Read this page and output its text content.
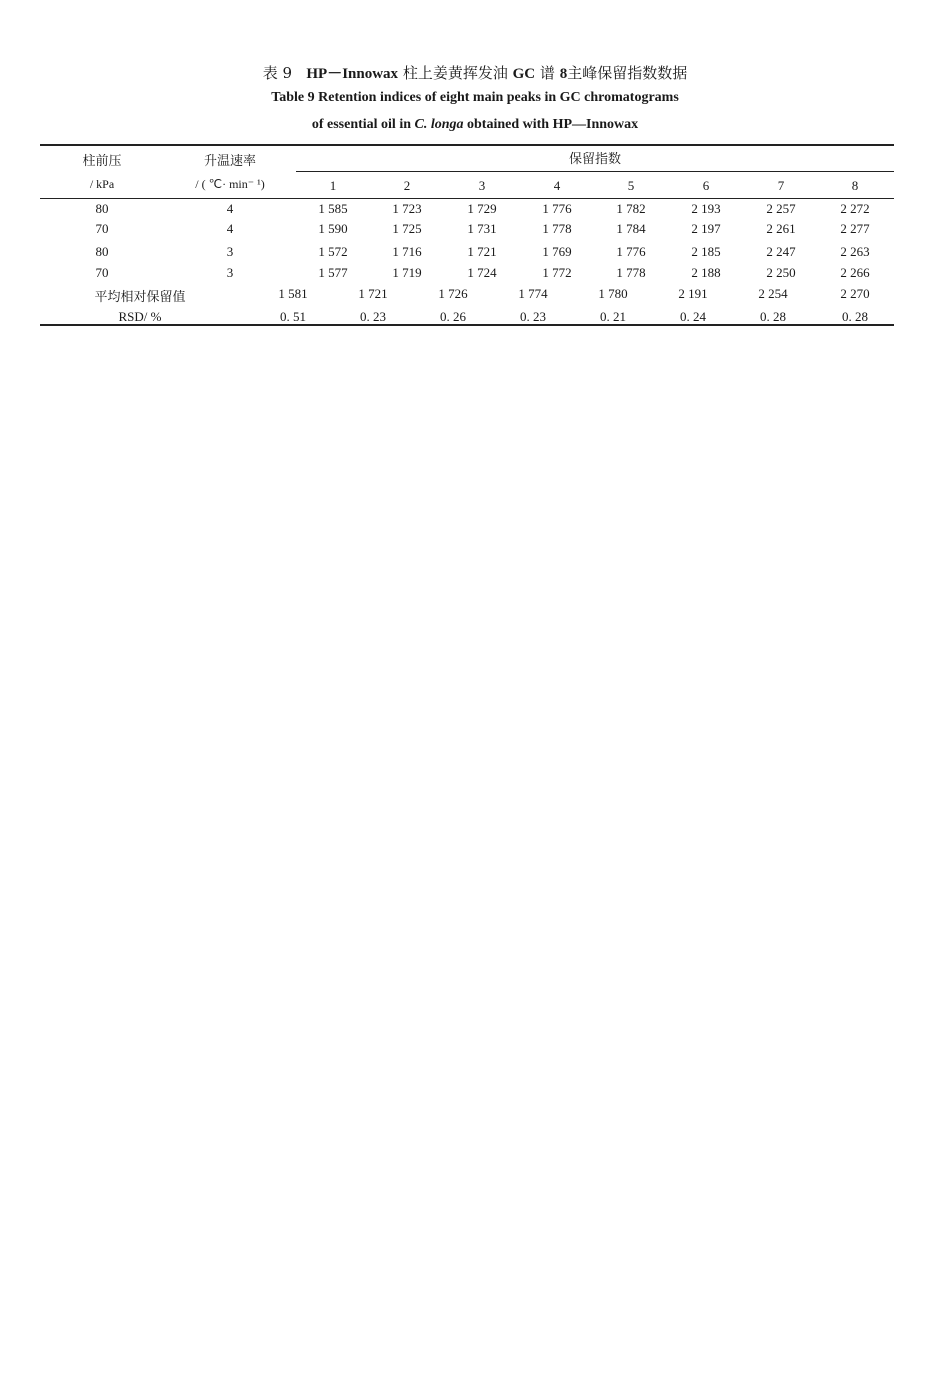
表 9 HP－Innowax 柱上姜黄挥发油 GC 谱 8主峰保留指数数据
Table 9 Retention indices of eight main peaks in GC chromatograms
of essential oil in C. longa obtained with HP—Innowax
柱前压
/ kPa
升温速率
/ ( ℃· min⁻ ¹)
保留指数
1	2	3	4	5	6	7	8
80	4	1 585	1 723	1 729	1 776	1 782	2 193	2 257	2 272
70	4	1 590	1 725	1 731	1 778	1 784	2 197	2 261	2 277
80	3	1 572	1 716	1 721	1 769	1 776	2 185	2 247	2 263
70	3	1 577	1 719	1 724	1 772	1 778	2 188	2 250	2 266
平均相对保留值	1 581	1 721	1 726	1 774	1 780	2 191	2 254	2 270
RSD/ %	0. 51	0. 23	0. 26	0. 23	0. 21	0. 24	0. 28	0. 28
